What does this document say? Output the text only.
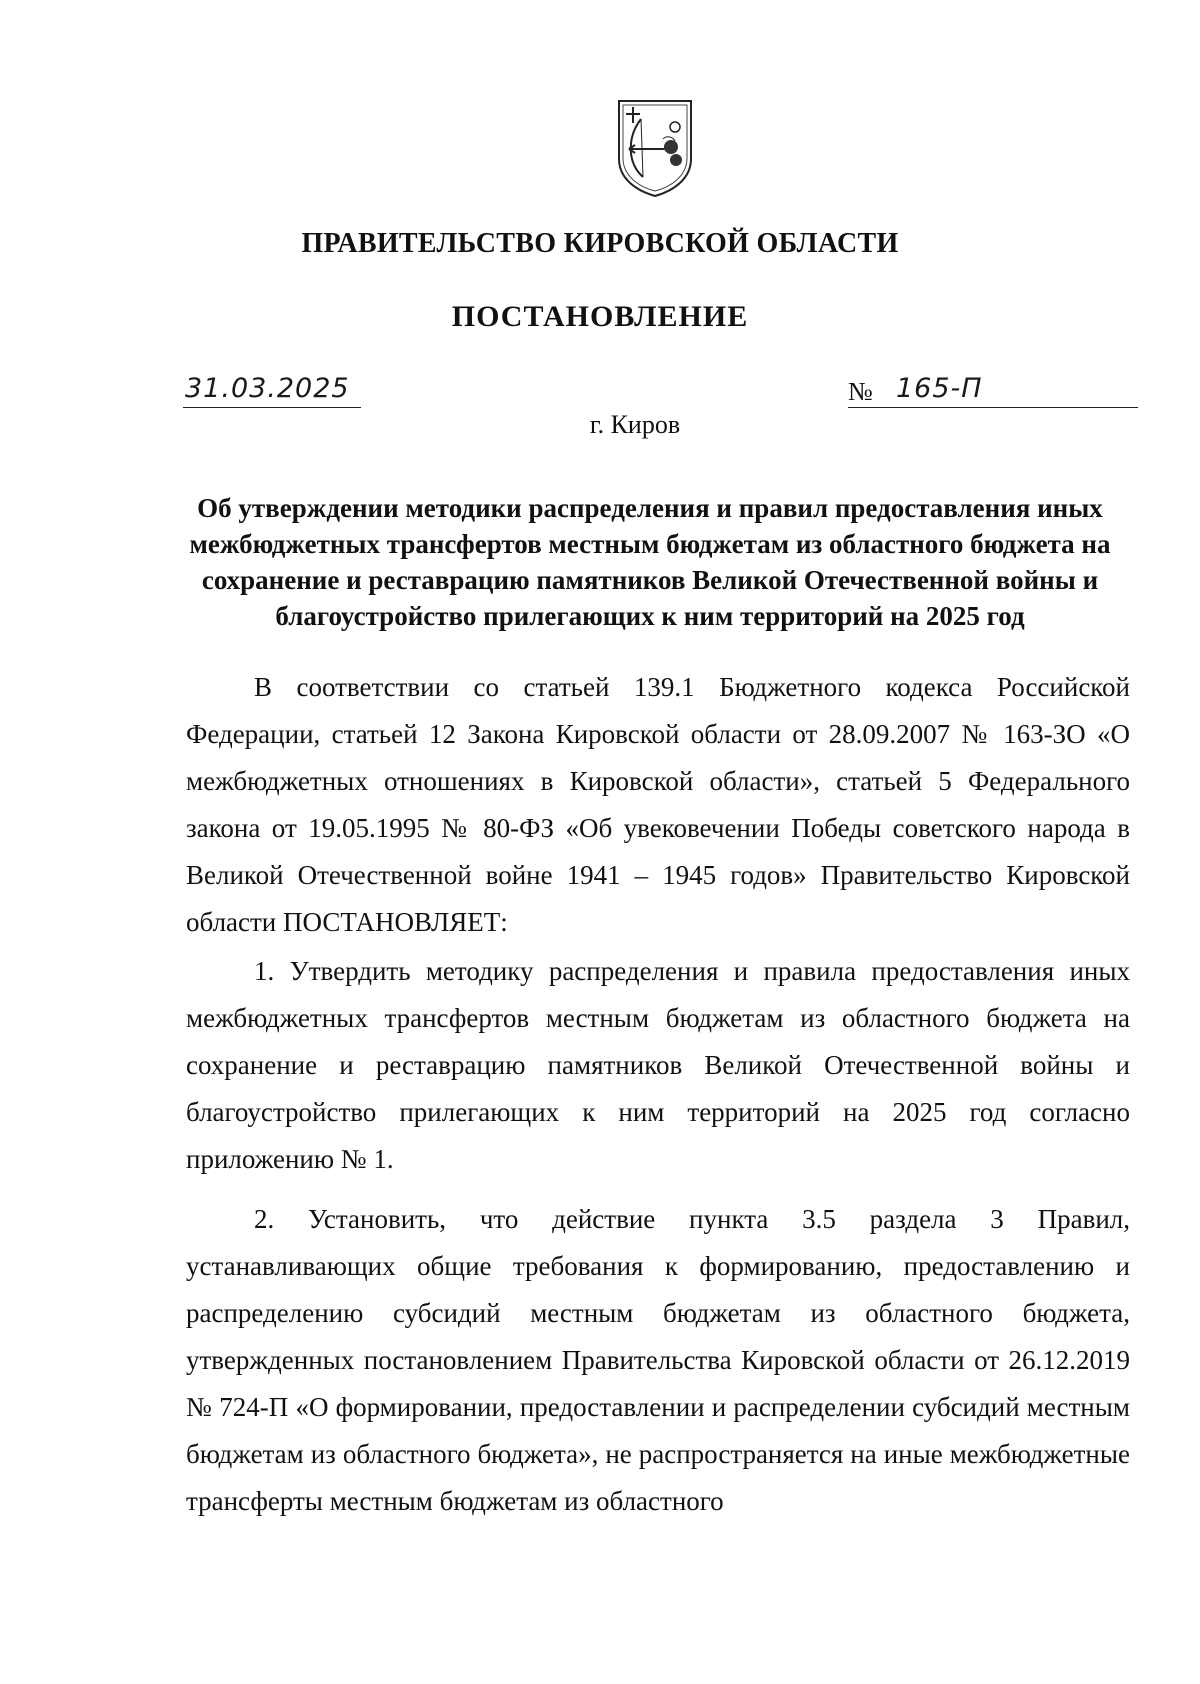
ПРАВИТЕЛЬСТВО КИРОВСКОЙ ОБЛАСТИ
ПОСТАНОВЛЕНИЕ
31.03.2025	№ 165-П

г. Киров

Об утверждении методики распределения и правил предоставления иных межбюджетных трансфертов местным бюджетам из областного бюджета на сохранение и реставрацию памятников Великой Отечественной войны и благоустройство прилегающих к ним территорий на 2025 год

В соответствии со статьей 139.1 Бюджетного кодекса Российской Федерации, статьей 12 Закона Кировской области от 28.09.2007 № 163-ЗО «О межбюджетных отношениях в Кировской области», статьей 5 Федерального закона от 19.05.1995 № 80-ФЗ «Об увековечении Победы советского народа в Великой Отечественной войне 1941 – 1945 годов» Правительство Кировской области ПОСТАНОВЛЯЕТ:

1. Утвердить методику распределения и правила предоставления иных межбюджетных трансфертов местным бюджетам из областного бюджета на сохранение и реставрацию памятников Великой Отечественной войны и благоустройство прилегающих к ним территорий на 2025 год согласно приложению № 1.

2. Установить, что действие пункта 3.5 раздела 3 Правил, устанавливающих общие требования к формированию, предоставлению и распределению субсидий местным бюджетам из областного бюджета, утвержденных постановлением Правительства Кировской области от 26.12.2019 № 724-П «О формировании, предоставлении и распределении субсидий местным бюджетам из областного бюджета», не распространяется на иные межбюджетные трансферты местным бюджетам из областного
